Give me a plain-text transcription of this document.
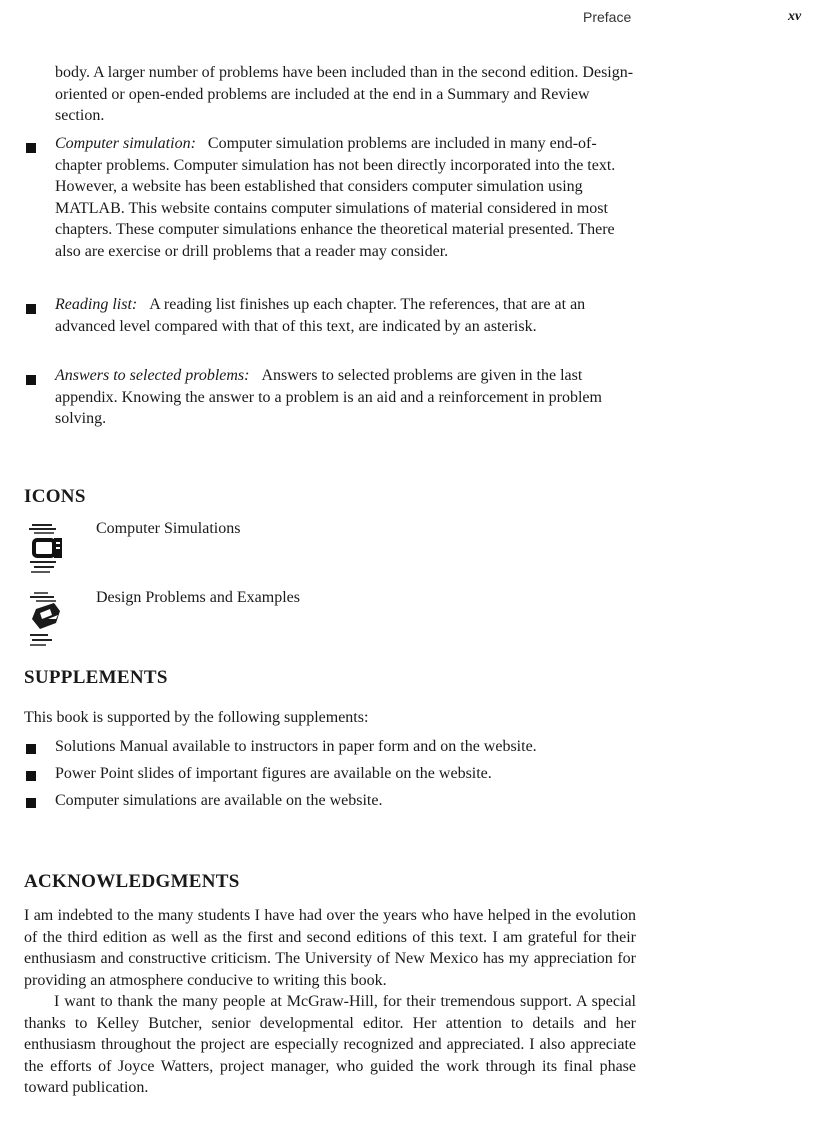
Preface	xv

body. A larger number of problems have been included than in the second edition. Design-oriented or open-ended problems are included at the end in a Summary and Review section.

Computer simulation: Computer simulation problems are included in many end-of-chapter problems. Computer simulation has not been directly incorporated into the text. However, a website has been established that considers computer simulation using MATLAB. This website contains computer simulations of material considered in most chapters. These computer simulations enhance the theoretical material presented. There also are exercise or drill problems that a reader may consider.

Reading list: A reading list finishes up each chapter. The references, that are at an advanced level compared with that of this text, are indicated by an asterisk.

Answers to selected problems: Answers to selected problems are given in the last appendix. Knowing the answer to a problem is an aid and a reinforcement in problem solving.

ICONS
Computer Simulations
Design Problems and Examples
SUPPLEMENTS

This book is supported by the following supplements:

Solutions Manual available to instructors in paper form and on the website.
Power Point slides of important figures are available on the website.
Computer simulations are available on the website.
ACKNOWLEDGMENTS

I am indebted to the many students I have had over the years who have helped in the evolution of the third edition as well as the first and second editions of this text. I am grateful for their enthusiasm and constructive criticism. The University of New Mexico has my appreciation for providing an atmosphere conducive to writing this book.

I want to thank the many people at McGraw-Hill, for their tremendous support. A special thanks to Kelley Butcher, senior developmental editor. Her attention to details and her enthusiasm throughout the project are especially recognized and appreciated. I also appreciate the efforts of Joyce Watters, project manager, who guided the work through its final phase toward publication.
